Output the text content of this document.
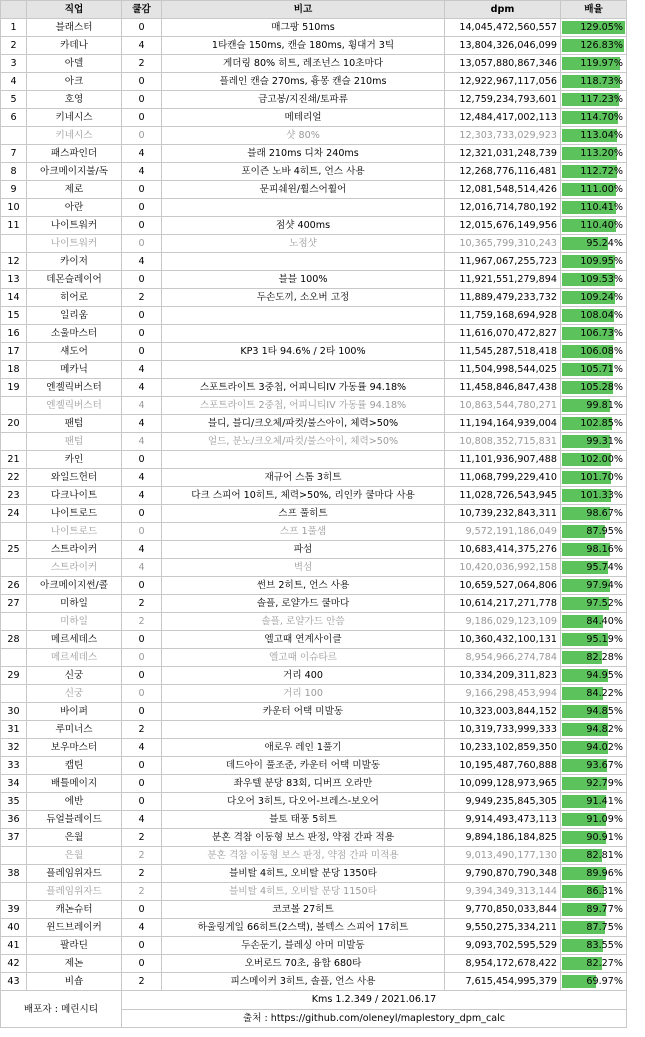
	직업	쿨감	비고	dpm	배율
1	블래스터	0	매그팡 510ms	14,045,472,560,557	129.05%
2	카데나	4	1타캔슬 150ms, 캔슬 180ms, 휭대거 3틱	13,804,326,046,099	126.83%
3	아델	2	게더링 80% 히트, 레조넌스 10초마다	13,057,880,867,346	119.97%
4	아크	0	플레인 캔슬 270ms, 흉몽 캔슬 210ms	12,922,967,117,056	118.73%
5	호영	0	금고봉/지진쇄/토파류	12,759,234,793,601	117.23%
6	키네시스	0	메테리얼	12,484,417,002,113	114.70%
	키네시스	0	샷 80%	12,303,733,029,923	113.04%
7	패스파인더	4	블래 210ms 디차 240ms	12,321,031,248,739	113.20%
8	아크메이지불/독	4	포이즌 노바 4히트, 언스 사용	12,268,776,116,481	112.72%
9	제로	0	문피쉐윈/휠스어휠어	12,081,548,514,426	111.00%
10	아란	0		12,016,714,780,192	110.41%
11	나이트워커	0	점샷 400ms	12,015,676,149,956	110.40%
	나이트워커	0	노점샷	10,365,799,310,243	95.24%
12	카이저	4		11,967,067,255,723	109.95%
13	데몬슬레이어	0	블블 100%	11,921,551,279,894	109.53%
14	히어로	2	두손도끼, 소오버 고정	11,889,479,233,732	109.24%
15	일리움	0		11,759,168,694,928	108.04%
16	소울마스터	0		11,616,070,472,827	106.73%
17	섀도어	0	KP3 1타 94.6% / 2타 100%	11,545,287,518,418	106.08%
18	메카닉	4		11,504,998,544,025	105.71%
19	엔젤릭버스터	4	스포트라이트 3중첩, 어피니티IV 가동률 94.18%	11,458,846,847,438	105.28%
	엔젤릭버스터	4	스포트라이트 2중첩, 어피니티IV 가동률 94.18%	10,863,544,780,271	99.81%
20	팬텀	4	블디, 블디/크오체/파컷/불스아이, 체력>50%	11,194,164,939,004	102.85%
	팬텀	4	얼드, 분노/크오체/파컷/불스아이, 체력>50%	10,808,352,715,831	99.31%
21	카인	0		11,101,936,907,488	102.00%
22	와일드헌터	4	재규어 스톰 3히트	11,068,799,229,410	101.70%
23	다크나이트	4	다크 스피어 10히트, 체력>50%, 리인카 쿨마다 사용	11,028,726,543,945	101.33%
24	나이트로드	0	스프 풀히트	10,739,232,843,311	98.67%
	나이트로드	0	스프 1풀샘	9,572,191,186,049	87.95%
25	스트라이커	4	파섬	10,683,414,375,276	98.16%
	스트라이커	4	벽섬	10,420,036,992,158	95.74%
26	아크메이지썬/콜	0	썬브 2히트, 언스 사용	10,659,527,064,806	97.94%
27	미하일	2	솔플, 로얄가드 쿨마다	10,614,217,271,778	97.52%
	미하일	2	솔플, 로얄가드 안씀	9,186,029,123,109	84.40%
28	메르세데스	0	엘고때 연계사이클	10,360,432,100,131	95.19%
	메르세데스	0	엘고때 이슈타르	8,954,966,274,784	82.28%
29	신궁	0	거리 400	10,334,209,311,823	94.95%
	신궁	0	거리 100	9,166,298,453,994	84.22%
30	바이퍼	0	카운터 어택 미발동	10,323,003,844,152	94.85%
31	루미너스	2		10,319,733,999,333	94.82%
32	보우마스터	4	애로우 레인 1풀기	10,233,102,859,350	94.02%
33	캡틴	0	데드아이 풀조준, 카운터 어택 미발동	10,195,487,760,888	93.67%
34	배틀메이지	0	좌우텔 분당 83회, 디버프 오라만	10,099,128,973,965	92.79%
35	에반	0	다오어 3히트, 다오어-브레스-보오어	9,949,235,845,305	91.41%
36	듀얼블레이드	4	블토 태풍 5히트	9,914,493,473,113	91.09%
37	은월	2	분혼 격참 이동형 보스 판정, 약점 간파 적용	9,894,186,184,825	90.91%
	은월	2	분혼 격참 이동형 보스 판정, 약점 간파 미적용	9,013,490,177,130	82.81%
38	플레임위자드	2	블비탈 4히트, 오비탈 분당 1350타	9,790,870,790,348	89.96%
	플레임위자드	2	블비탈 4히트, 오비탈 분당 1150타	9,394,349,313,144	86.31%
39	캐논슈터	0	코코볼 27히트	9,770,850,033,844	89.77%
40	윈드브레이커	4	하울링게일 66히트(2스택), 볼텍스 스피어 17히트	9,550,275,334,211	87.75%
41	팔라딘	0	두손둔기, 블레싱 아머 미발동	9,093,702,595,529	83.55%
42	제논	0	오버로드 70초, 융합 680타	8,954,172,678,422	82.27%
43	비숍	2	피스메이커 3히트, 솔플, 언스 사용	7,615,454,995,379	69.97%
배포자 : 메린시티		Kms 1.2.349 / 2021.06.17			
		출처 : https://github.com/oleneyl/maplestory_dpm_calc			
